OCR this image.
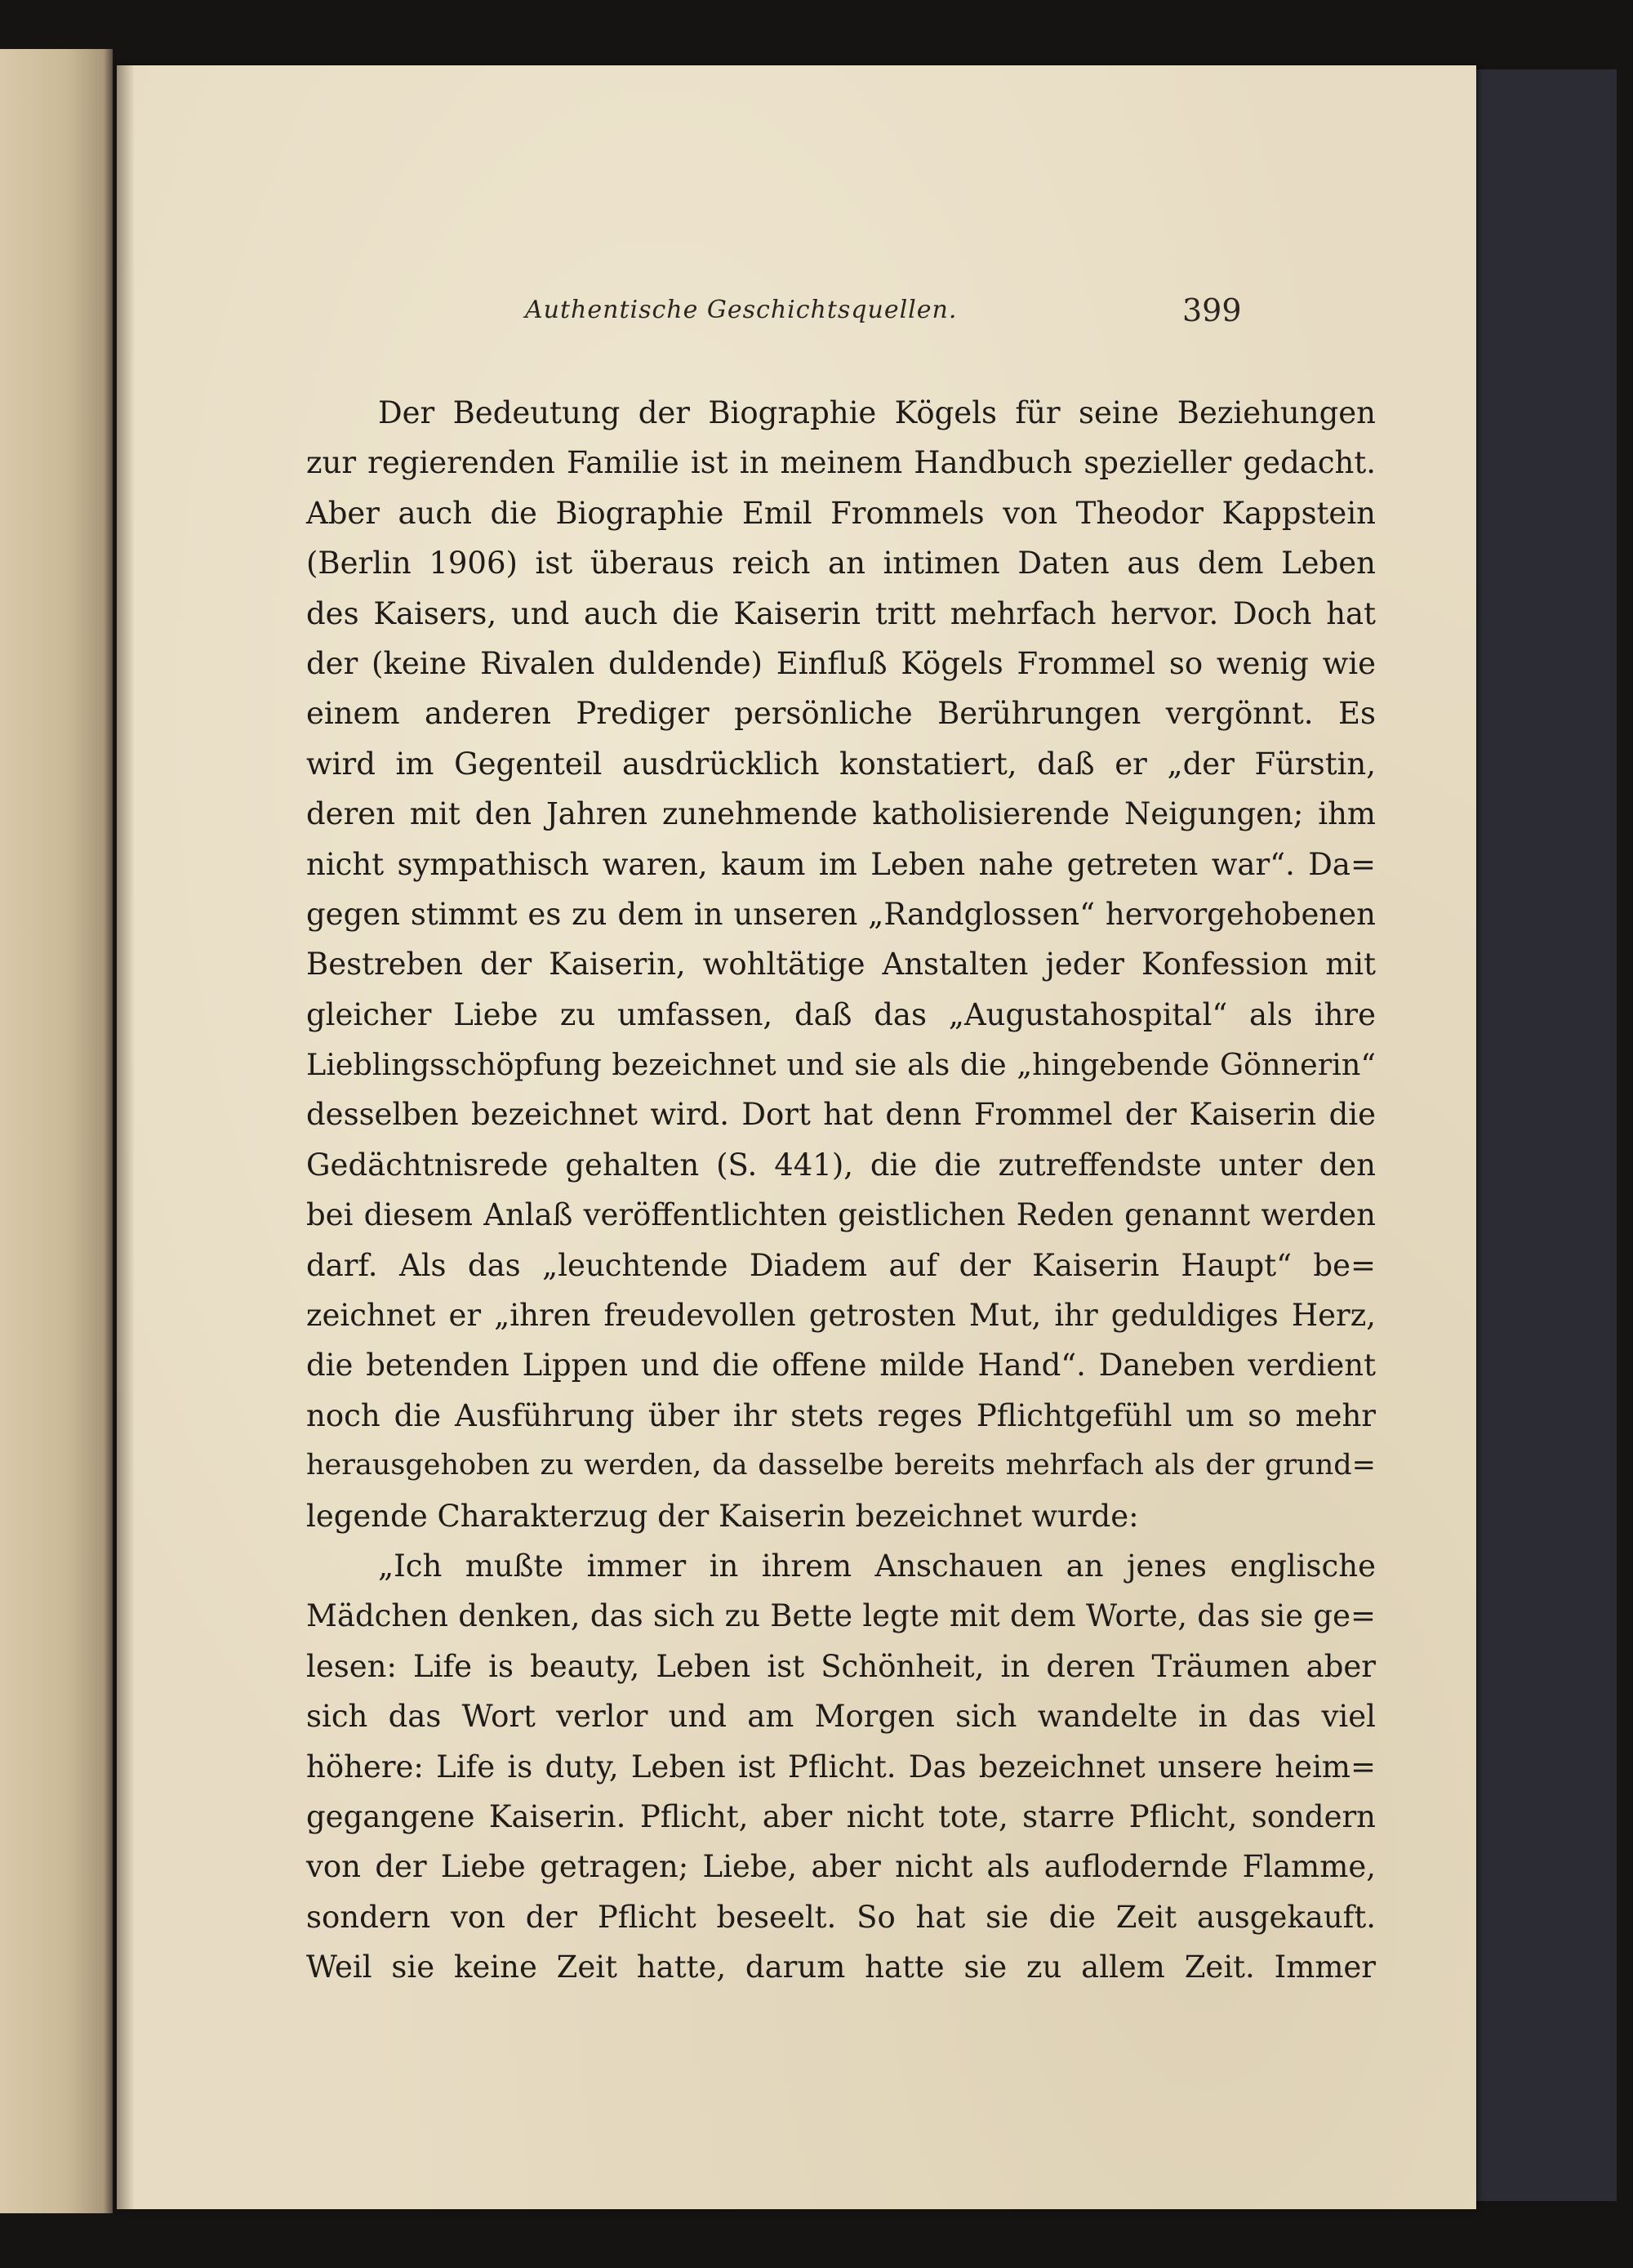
Authentische Geschichtsquellen.	399
Der Bedeutung der Biographie Kögels für seine Beziehungen
zur regierenden Familie ist in meinem Handbuch spezieller gedacht.
Aber auch die Biographie Emil Frommels von Theodor Kappstein
(Berlin 1906) ist überaus reich an intimen Daten aus dem Leben
des Kaisers, und auch die Kaiserin tritt mehrfach hervor. Doch hat
der (keine Rivalen duldende) Einfluß Kögels Frommel so wenig wie
einem anderen Prediger persönliche Berührungen vergönnt. Es
wird im Gegenteil ausdrücklich konstatiert, daß er „der Fürstin,
deren mit den Jahren zunehmende katholisierende Neigungen; ihm
nicht sympathisch waren, kaum im Leben nahe getreten war“. Da=
gegen stimmt es zu dem in unseren „Randglossen“ hervorgehobenen
Bestreben der Kaiserin, wohltätige Anstalten jeder Konfession mit
gleicher Liebe zu umfassen, daß das „Augustahospital“ als ihre
Lieblingsschöpfung bezeichnet und sie als die „hingebende Gönnerin“
desselben bezeichnet wird. Dort hat denn Frommel der Kaiserin die
Gedächtnisrede gehalten (S. 441), die die zutreffendste unter den
bei diesem Anlaß veröffentlichten geistlichen Reden genannt werden
darf. Als das „leuchtende Diadem auf der Kaiserin Haupt“ be=
zeichnet er „ihren freudevollen getrosten Mut, ihr geduldiges Herz,
die betenden Lippen und die offene milde Hand“. Daneben verdient
noch die Ausführung über ihr stets reges Pflichtgefühl um so mehr
herausgehoben zu werden, da dasselbe bereits mehrfach als der grund=
legende Charakterzug der Kaiserin bezeichnet wurde:
„Ich mußte immer in ihrem Anschauen an jenes englische
Mädchen denken, das sich zu Bette legte mit dem Worte, das sie ge=
lesen: Life is beauty, Leben ist Schönheit, in deren Träumen aber
sich das Wort verlor und am Morgen sich wandelte in das viel
höhere: Life is duty, Leben ist Pflicht. Das bezeichnet unsere heim=
gegangene Kaiserin. Pflicht, aber nicht tote, starre Pflicht, sondern
von der Liebe getragen; Liebe, aber nicht als auflodernde Flamme,
sondern von der Pflicht beseelt. So hat sie die Zeit ausgekauft.
Weil sie keine Zeit hatte, darum hatte sie zu allem Zeit. Immer
